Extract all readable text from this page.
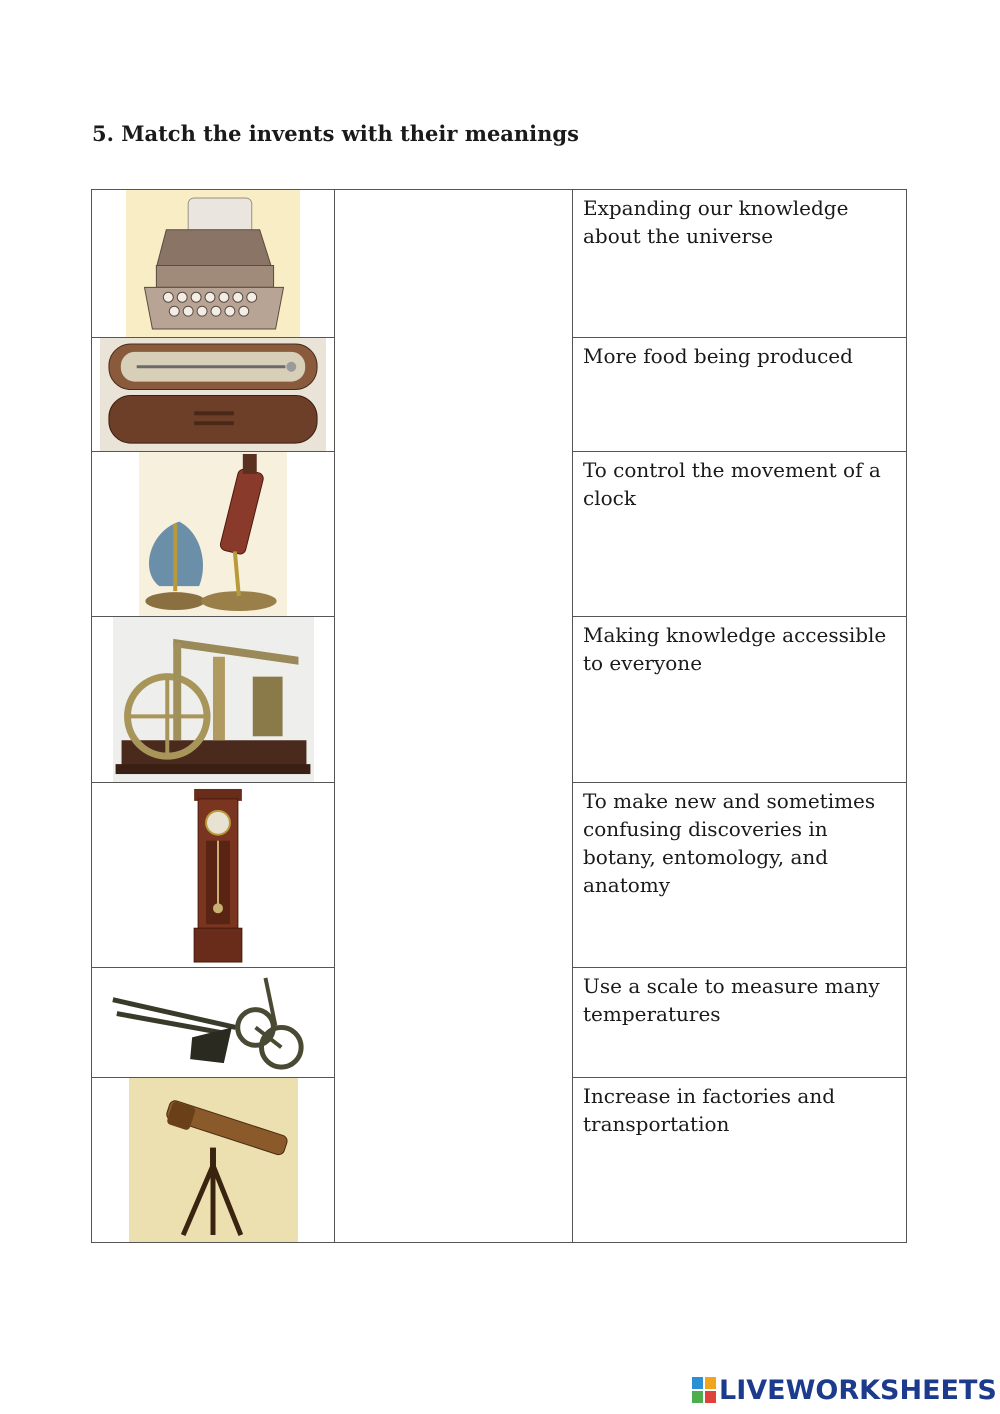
5. Match the invents with their meanings
		Expanding our knowledge about the universe

	More food being produced

	To control the movement of a clock

	Making knowledge accessible to everyone

	To make new and sometimes confusing discoveries in botany, entomology, and anatomy

	Use a scale to measure many temperatures

	Increase in factories and transportation
LIVEWORKSHEETS
